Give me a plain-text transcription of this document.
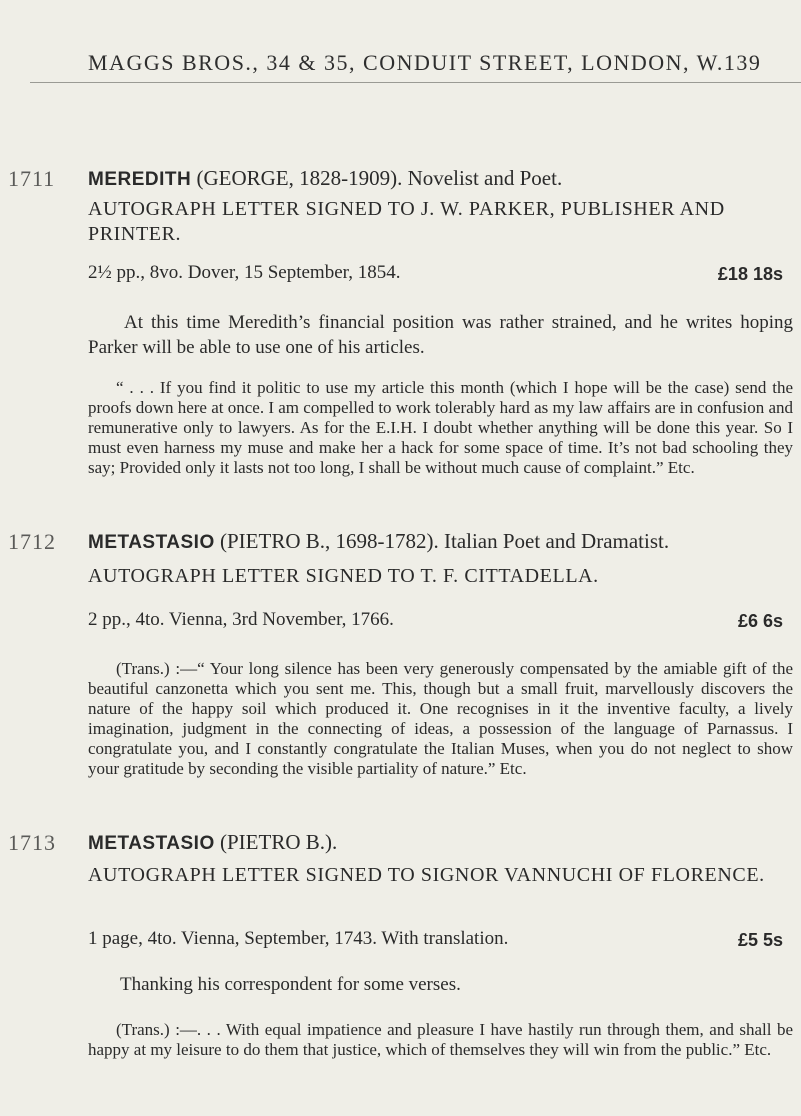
MAGGS BROS., 34 & 35, CONDUIT STREET, LONDON, W. 139
1711 MEREDITH (GEORGE, 1828-1909). Novelist and Poet.
AUTOGRAPH LETTER SIGNED TO J. W. PARKER, PUBLISHER AND PRINTER.
2½ pp., 8vo. Dover, 15 September, 1854.	£18 18s
At this time Meredith’s financial position was rather strained, and he writes hoping Parker will be able to use one of his articles.
“ . . . If you find it politic to use my article this month (which I hope will be the case) send the proofs down here at once. I am compelled to work tolerably hard as my law affairs are in confusion and remunerative only to lawyers. As for the E.I.H. I doubt whether anything will be done this year. So I must even harness my muse and make her a hack for some space of time. It’s not bad schooling they say; Provided only it lasts not too long, I shall be without much cause of complaint.” Etc.
1712 METASTASIO (PIETRO B., 1698-1782). Italian Poet and Dramatist.
AUTOGRAPH LETTER SIGNED TO T. F. CITTADELLA.
2 pp., 4to. Vienna, 3rd November, 1766.	£6 6s
(Trans.) :—“ Your long silence has been very generously compensated by the amiable gift of the beautiful canzonetta which you sent me. This, though but a small fruit, marvellously discovers the nature of the happy soil which produced it. One recognises in it the inventive faculty, a lively imagination, judgment in the connecting of ideas, a possession of the language of Parnassus. I congratulate you, and I constantly congratulate the Italian Muses, when you do not neglect to show your gratitude by seconding the visible partiality of nature.” Etc.
1713 METASTASIO (PIETRO B.).
AUTOGRAPH LETTER SIGNED TO SIGNOR VANNUCHI OF FLORENCE.
1 page, 4to. Vienna, September, 1743. With translation.	£5 5s
Thanking his correspondent for some verses.
(Trans.) :—. . . With equal impatience and pleasure I have hastily run through them, and shall be happy at my leisure to do them that justice, which of themselves they will win from the public.” Etc.
